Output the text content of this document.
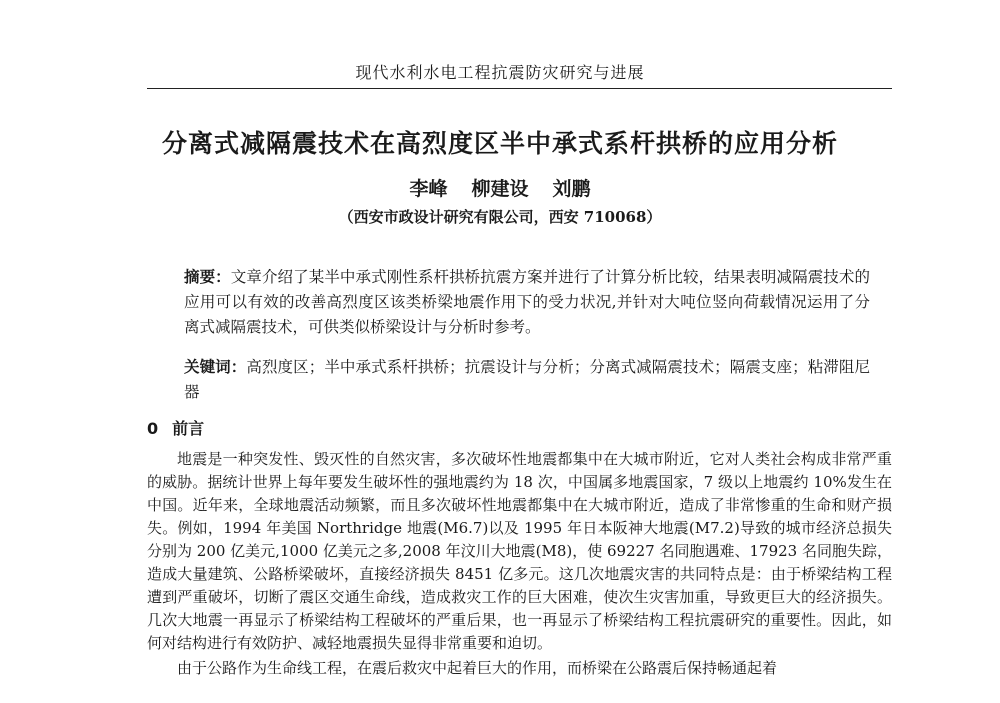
现代水利水电工程抗震防灾研究与进展
分离式减隔震技术在高烈度区半中承式系杆拱桥的应用分析
李峰 柳建设 刘鹏
（西安市政设计研究有限公司，西安 710068）
摘要：文章介绍了某半中承式刚性系杆拱桥抗震方案并进行了计算分析比较，结果表明减隔震技术的应用可以有效的改善高烈度区该类桥梁地震作用下的受力状况,并针对大吨位竖向荷载情况运用了分离式减隔震技术，可供类似桥梁设计与分析时参考。
关键词：高烈度区；半中承式系杆拱桥；抗震设计与分析；分离式减隔震技术；隔震支座；粘滞阻尼器
0 前言

地震是一种突发性、毁灭性的自然灾害，多次破坏性地震都集中在大城市附近，它对人类社会构成非常严重的威胁。据统计世界上每年要发生破坏性的强地震约为 18 次，中国属多地震国家，7 级以上地震约 10%发生在中国。近年来，全球地震活动频繁，而且多次破坏性地震都集中在大城市附近，造成了非常惨重的生命和财产损失。例如，1994 年美国 Northridge 地震(M6.7)以及 1995 年日本阪神大地震(M7.2)导致的城市经济总损失分别为 200 亿美元,1000 亿美元之多,2008 年汶川大地震(M8)，使 69227 名同胞遇难、17923 名同胞失踪，造成大量建筑、公路桥梁破坏，直接经济损失 8451 亿多元。这几次地震灾害的共同特点是：由于桥梁结构工程遭到严重破坏，切断了震区交通生命线，造成救灾工作的巨大困难，使次生灾害加重，导致更巨大的经济损失。几次大地震一再显示了桥梁结构工程破坏的严重后果，也一再显示了桥梁结构工程抗震研究的重要性。因此，如何对结构进行有效防护、减轻地震损失显得非常重要和迫切。

由于公路作为生命线工程，在震后救灾中起着巨大的作用，而桥梁在公路震后保持畅通起着
